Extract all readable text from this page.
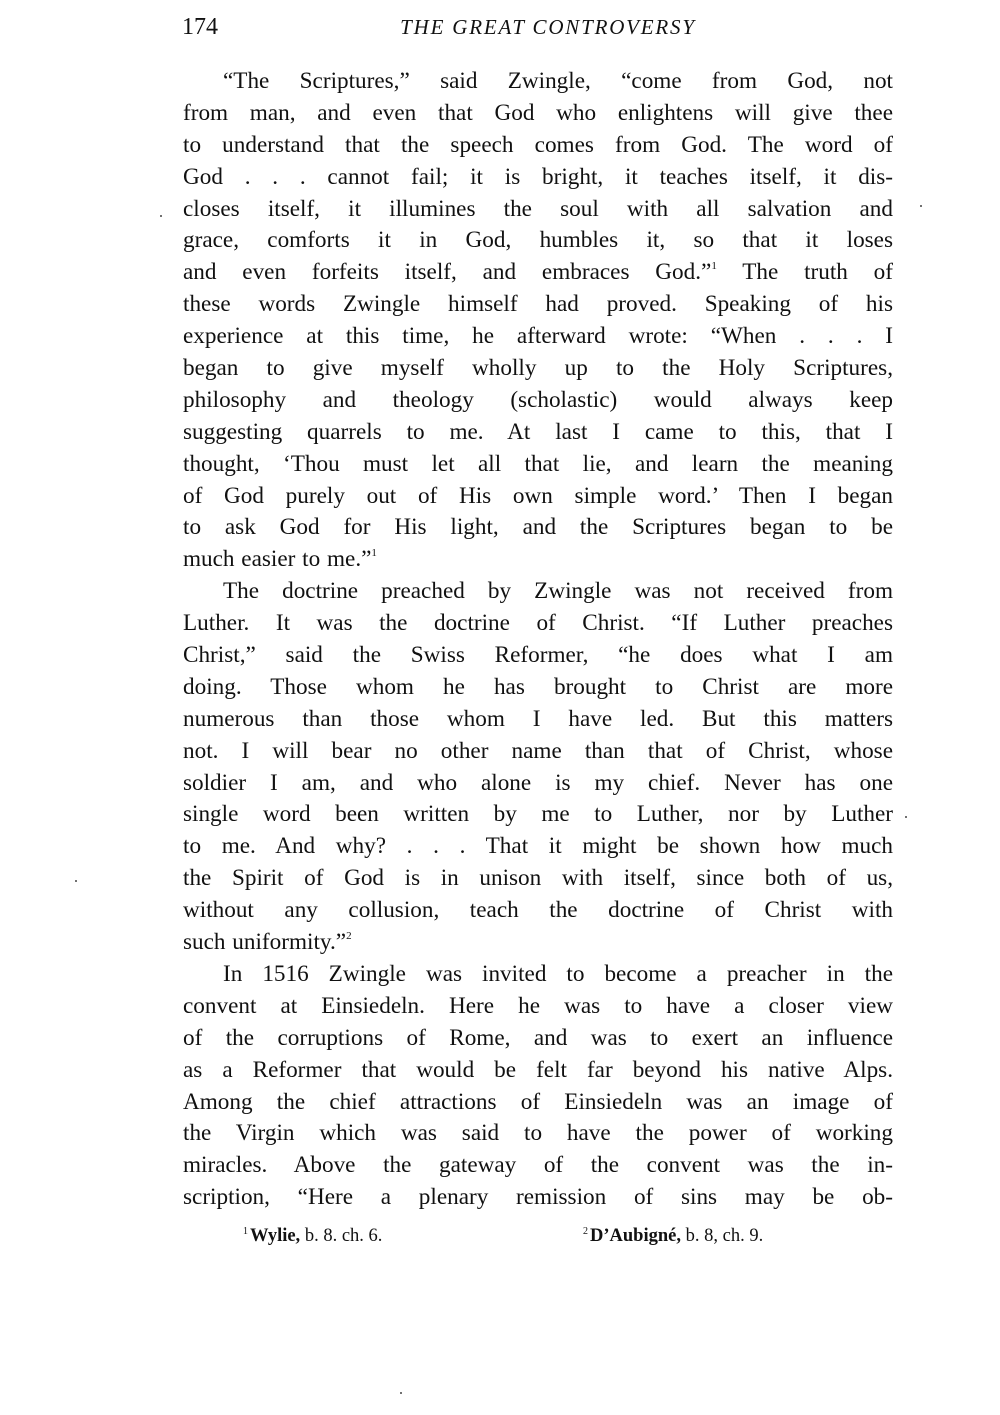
174	THE GREAT CONTROVERSY
“The Scriptures,” said Zwingle, “come from God, not
from man, and even that God who enlightens will give thee
to understand that the speech comes from God. The word of
God . . . cannot fail; it is bright, it teaches itself, it dis-
closes itself, it illumines the soul with all salvation and
grace, comforts it in God, humbles it, so that it loses
and even forfeits itself, and embraces God.”$^1$ The truth of
these words Zwingle himself had proved. Speaking of his
experience at this time, he afterward wrote: “When . . . I
began to give myself wholly up to the Holy Scriptures,
philosophy and theology (scholastic) would always keep
suggesting quarrels to me. At last I came to this, that I
thought, ‘Thou must let all that lie, and learn the meaning
of God purely out of His own simple word.’ Then I began
to ask God for His light, and the Scriptures began to be
much easier to me.”$^1$
The doctrine preached by Zwingle was not received from
Luther. It was the doctrine of Christ. “If Luther preaches
Christ,” said the Swiss Reformer, “he does what I am
doing. Those whom he has brought to Christ are more
numerous than those whom I have led. But this matters
not. I will bear no other name than that of Christ, whose
soldier I am, and who alone is my chief. Never has one
single word been written by me to Luther, nor by Luther
to me. And why? . . . That it might be shown how much
the Spirit of God is in unison with itself, since both of us,
without any collusion, teach the doctrine of Christ with
such uniformity.”$^2$
In 1516 Zwingle was invited to become a preacher in the
convent at Einsiedeln. Here he was to have a closer view
of the corruptions of Rome, and was to exert an influence
as a Reformer that would be felt far beyond his native Alps.
Among the chief attractions of Einsiedeln was an image of
the Virgin which was said to have the power of working
miracles. Above the gateway of the convent was the in-
scription, “Here a plenary remission of sins may be ob-
$^1$ Wylie, b. 8. ch. 6.	$^2$ D’Aubigné, b. 8, ch. 9.
